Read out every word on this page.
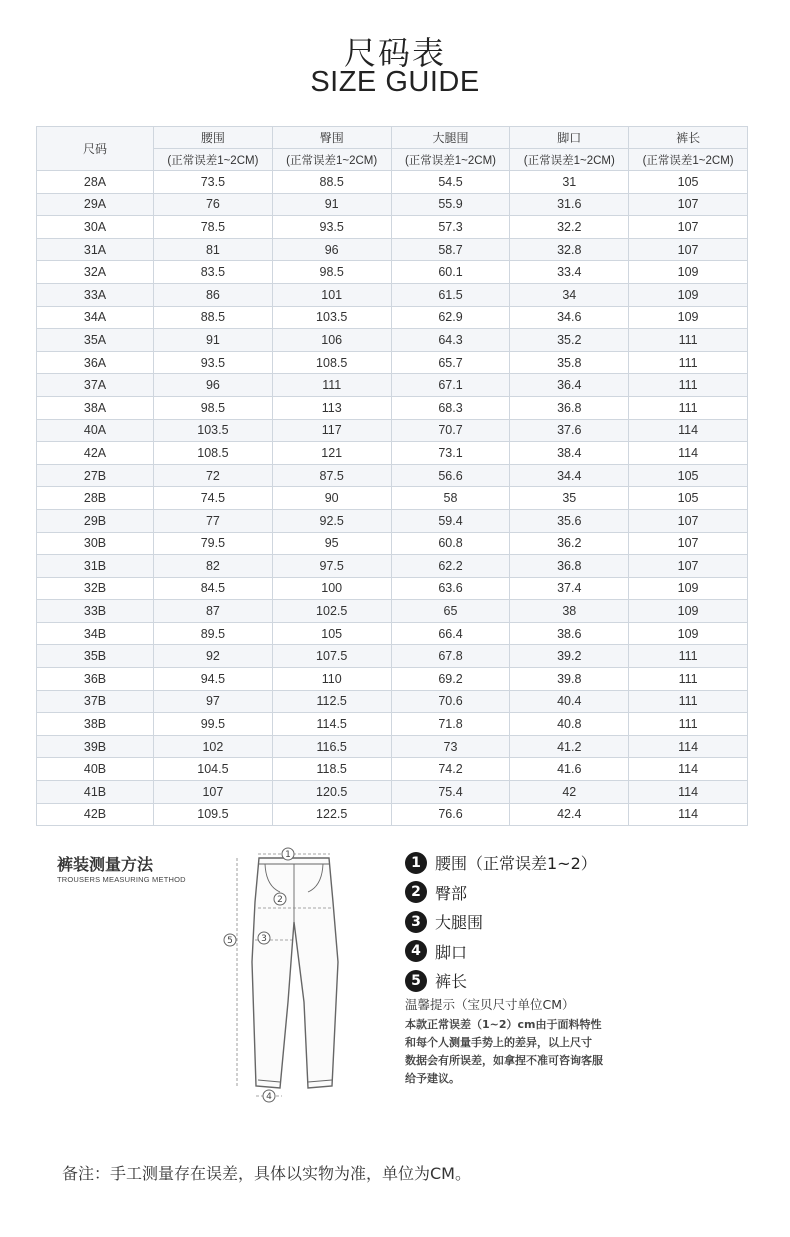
尺码表
SIZE GUIDE
尺码	腰围	臀围	大腿围	脚口	裤长
	(正常误差1~2CM)	(正常误差1~2CM)	(正常误差1~2CM)	(正常误差1~2CM)	(正常误差1~2CM)
28A	73.5	88.5	54.5	31	105
29A	76	91	55.9	31.6	107
30A	78.5	93.5	57.3	32.2	107
31A	81	96	58.7	32.8	107
32A	83.5	98.5	60.1	33.4	109
33A	86	101	61.5	34	109
34A	88.5	103.5	62.9	34.6	109
35A	91	106	64.3	35.2	111
36A	93.5	108.5	65.7	35.8	111
37A	96	111	67.1	36.4	111
38A	98.5	113	68.3	36.8	111
40A	103.5	117	70.7	37.6	114
42A	108.5	121	73.1	38.4	114
27B	72	87.5	56.6	34.4	105
28B	74.5	90	58	35	105
29B	77	92.5	59.4	35.6	107
30B	79.5	95	60.8	36.2	107
31B	82	97.5	62.2	36.8	107
32B	84.5	100	63.6	37.4	109
33B	87	102.5	65	38	109
34B	89.5	105	66.4	38.6	109
35B	92	107.5	67.8	39.2	111
36B	94.5	110	69.2	39.8	111
37B	97	112.5	70.6	40.4	111
38B	99.5	114.5	71.8	40.8	111
39B	102	116.5	73	41.2	114
40B	104.5	118.5	74.2	41.6	114
41B	107	120.5	75.4	42	114
42B	109.5	122.5	76.6	42.4	114
裤装测量方法
TROUSERS MEASURING METHOD
1
2
3
4
5
1 腰围（正常误差1~2）
2 臀部
3 大腿围
4 脚口
5 裤长
温馨提示（宝贝尺寸单位CM）
本款正常误差（1~2）cm由于面料特性
和每个人测量手势上的差异，以上尺寸
数据会有所误差，如拿捏不准可咨询客服
给予建议。
备注：手工测量存在误差，具体以实物为准，单位为CM。
